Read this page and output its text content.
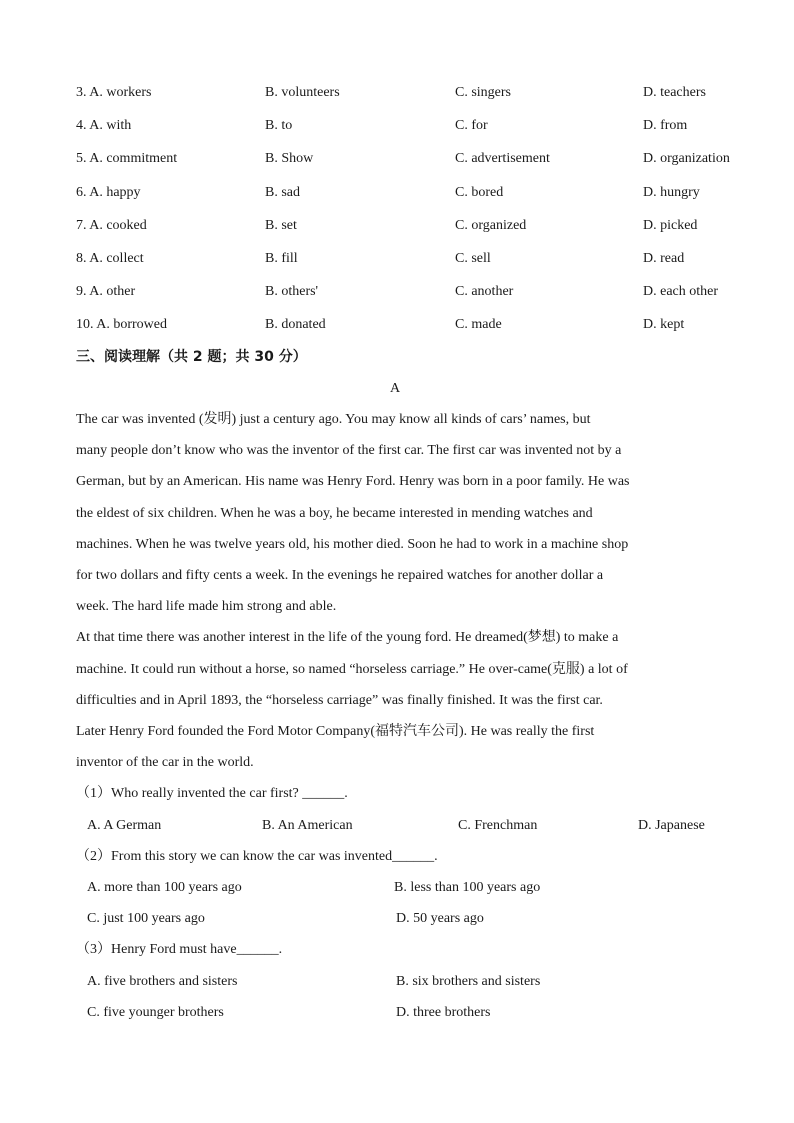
3. A. workers	B. volunteers	C. singers	D. teachers
4. A. with	B. to	C. for	D. from
5. A. commitment	B. Show	C. advertisement	D. organization
6. A. happy	B. sad	C. bored	D. hungry
7. A. cooked	B. set	C. organized	D. picked
8. A. collect	B. fill	C. sell	D. read
9. A. other	B. others'	C. another	D. each other
10. A. borrowed	B. donated	C. made	D. kept
三、阅读理解（共 2 题；共 30 分）
A
The car was invented (发明) just a century ago. You may know all kinds of cars’ names, but
many people don’t know who was the inventor of the first car. The first car was invented not by a
German, but by an American. His name was Henry Ford. Henry was born in a poor family. He was
the eldest of six children. When he was a boy, he became interested in mending watches and
machines. When he was twelve years old, his mother died. Soon he had to work in a machine shop
for two dollars and fifty cents a week. In the evenings he repaired watches for another dollar a
week. The hard life made him strong and able.
At that time there was another interest in the life of the young ford. He dreamed(梦想) to make a
machine. It could run without a horse, so named “horseless carriage.” He over-came(克服) a lot of
difficulties and in April 1893, the “horseless carriage” was finally finished. It was the first car.
Later Henry Ford founded the Ford Motor Company(福特汽车公司). He was really the first
inventor of the car in the world.
（1）Who really invented the car first? ______.
A. A German	B. An American	C. Frenchman	D. Japanese
（2）From this story we can know the car was invented______.
A. more than 100 years ago	B. less than 100 years ago
C. just 100 years ago	D. 50 years ago
（3）Henry Ford must have______.
A. five brothers and sisters	B. six brothers and sisters
C. five younger brothers	D. three brothers
